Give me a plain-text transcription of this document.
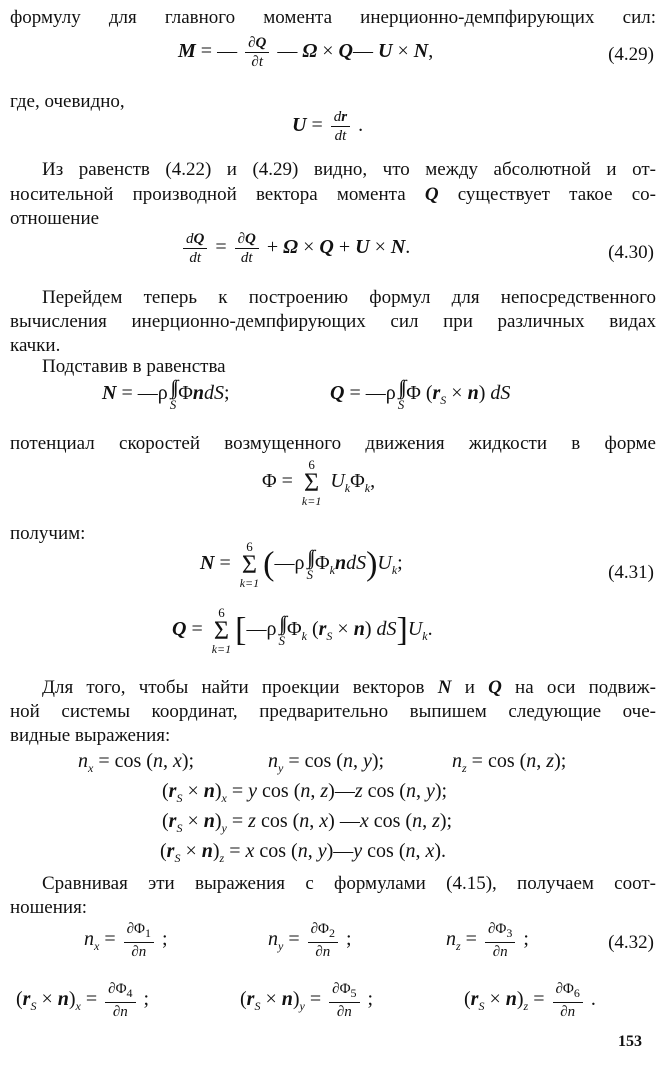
формулу для главного момента инерционно-демпфирующих сил:
M = — $\frac{\partial Q}{\partial t}$ — Ω × Q— U × N,	(4.29)
где, очевидно,
$U = \frac{dr}{dt}$ .
Из равенств (4.22) и (4.29) видно, что между абсолютной и от-
носительной производной вектора момента Q существует такое со-
отношение
$\frac{dQ}{dt} = \frac{\partial Q}{dt} + \Omega \times Q + U \times N$.	(4.30)
Перейдем теперь к построению формул для непосредственного
вычисления инерционно-демпфирующих сил при различных видах
качки.
Подставив в равенства
N = —ρ ∫∫
S
ΦndS;	Q = —ρ ∫∫
S
Φ $(r_S \times n)$ dS
потенциал скоростей возмущенного движения жидкости в форме
Φ =
6
Σ
k=1
$U_k\Phi_k$,
получим:
N =
6
Σ
k=1
(—ρ ∫∫
S
$\Phi_kndS)U_k$;	(4.31)
Q =
6
Σ
k=1
[—ρ ∫∫
S
$\Phi_k$ $(r_S \times n)$ $dS]U_k$.
Для того, чтобы найти проекции векторов N и Q на оси подвиж-
ной системы координат, предварительно выпишем следующие оче-
видные выражения:
$n_x = \cos (n$, x);	$n_y = \cos (n$, y);	$n_z = \cos (n$, z);
$(r_S \times n)_x = y$ cos (n, z)—z cos (n, y);
$(r_S \times n)_y = z$ cos (n, x) —x cos (n, z);
$(r_S \times n)_z = x$ cos (n, y)—y cos (n, x).
Сравнивая эти выражения с формулами (4.15), получаем соот-
ношения:
$n_x = \frac{\partial\Phi_1}{\partial n}$ ;	$n_y = \frac{\partial\Phi_2}{\partial n}$ ;	$n_z = \frac{\partial\Phi_3}{\partial n}$ ;	(4.32)
$(r_S \times n)_x = \frac{\partial\Phi_4}{\partial n}$ ;	$(r_S \times n)_y = \frac{\partial\Phi_5}{\partial n}$ ;	$(r_S \times n)_z = \frac{\partial\Phi_6}{\partial n}$ .
153
